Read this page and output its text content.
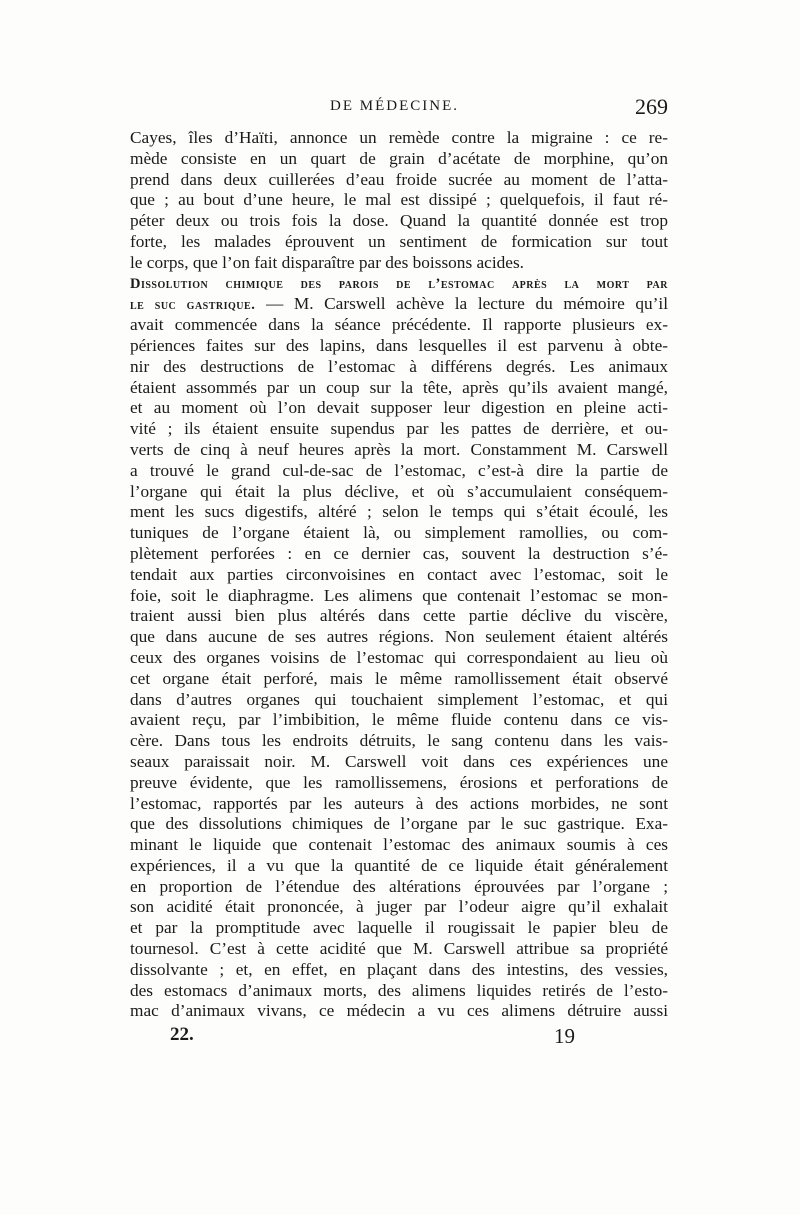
DE MÉDECINE.	269
Cayes, îles d’Haïti, annonce un remède contre la migraine : ce re-
mède consiste en un quart de grain d’acétate de morphine, qu’on
prend dans deux cuillerées d’eau froide sucrée au moment de l’atta-
que ; au bout d’une heure, le mal est dissipé ; quelquefois, il faut ré-
péter deux ou trois fois la dose. Quand la quantité donnée est trop
forte, les malades éprouvent un sentiment de formication sur tout
le corps, que l’on fait disparaître par des boissons acides.
Dissolution chimique des parois de l’estomac après la mort par
le suc gastrique. — M. Carswell achève la lecture du mémoire qu’il
avait commencée dans la séance précédente. Il rapporte plusieurs ex-
périences faites sur des lapins, dans lesquelles il est parvenu à obte-
nir des destructions de l’estomac à différens degrés. Les animaux
étaient assommés par un coup sur la tête, après qu’ils avaient mangé,
et au moment où l’on devait supposer leur digestion en pleine acti-
vité ; ils étaient ensuite supendus par les pattes de derrière, et ou-
verts de cinq à neuf heures après la mort. Constamment M. Carswell
a trouvé le grand cul-de-sac de l’estomac, c’est-à dire la partie de
l’organe qui était la plus déclive, et où s’accumulaient conséquem-
ment les sucs digestifs, altéré ; selon le temps qui s’était écoulé, les
tuniques de l’organe étaient là, ou simplement ramollies, ou com-
plètement perforées : en ce dernier cas, souvent la destruction s’é-
tendait aux parties circonvoisines en contact avec l’estomac, soit le
foie, soit le diaphragme. Les alimens que contenait l’estomac se mon-
traient aussi bien plus altérés dans cette partie déclive du viscère,
que dans aucune de ses autres régions. Non seulement étaient altérés
ceux des organes voisins de l’estomac qui correspondaient au lieu où
cet organe était perforé, mais le même ramollissement était observé
dans d’autres organes qui touchaient simplement l’estomac, et qui
avaient reçu, par l’imbibition, le même fluide contenu dans ce vis-
cère. Dans tous les endroits détruits, le sang contenu dans les vais-
seaux paraissait noir. M. Carswell voit dans ces expériences une
preuve évidente, que les ramollissemens, érosions et perforations de
l’estomac, rapportés par les auteurs à des actions morbides, ne sont
que des dissolutions chimiques de l’organe par le suc gastrique. Exa-
minant le liquide que contenait l’estomac des animaux soumis à ces
expériences, il a vu que la quantité de ce liquide était généralement
en proportion de l’étendue des altérations éprouvées par l’organe ;
son acidité était prononcée, à juger par l’odeur aigre qu’il exhalait
et par la promptitude avec laquelle il rougissait le papier bleu de
tournesol. C’est à cette acidité que M. Carswell attribue sa propriété
dissolvante ; et, en effet, en plaçant dans des intestins, des vessies,
des estomacs d’animaux morts, des alimens liquides retirés de l’esto-
mac d’animaux vivans, ce médecin a vu ces alimens détruire aussi
22.	19
